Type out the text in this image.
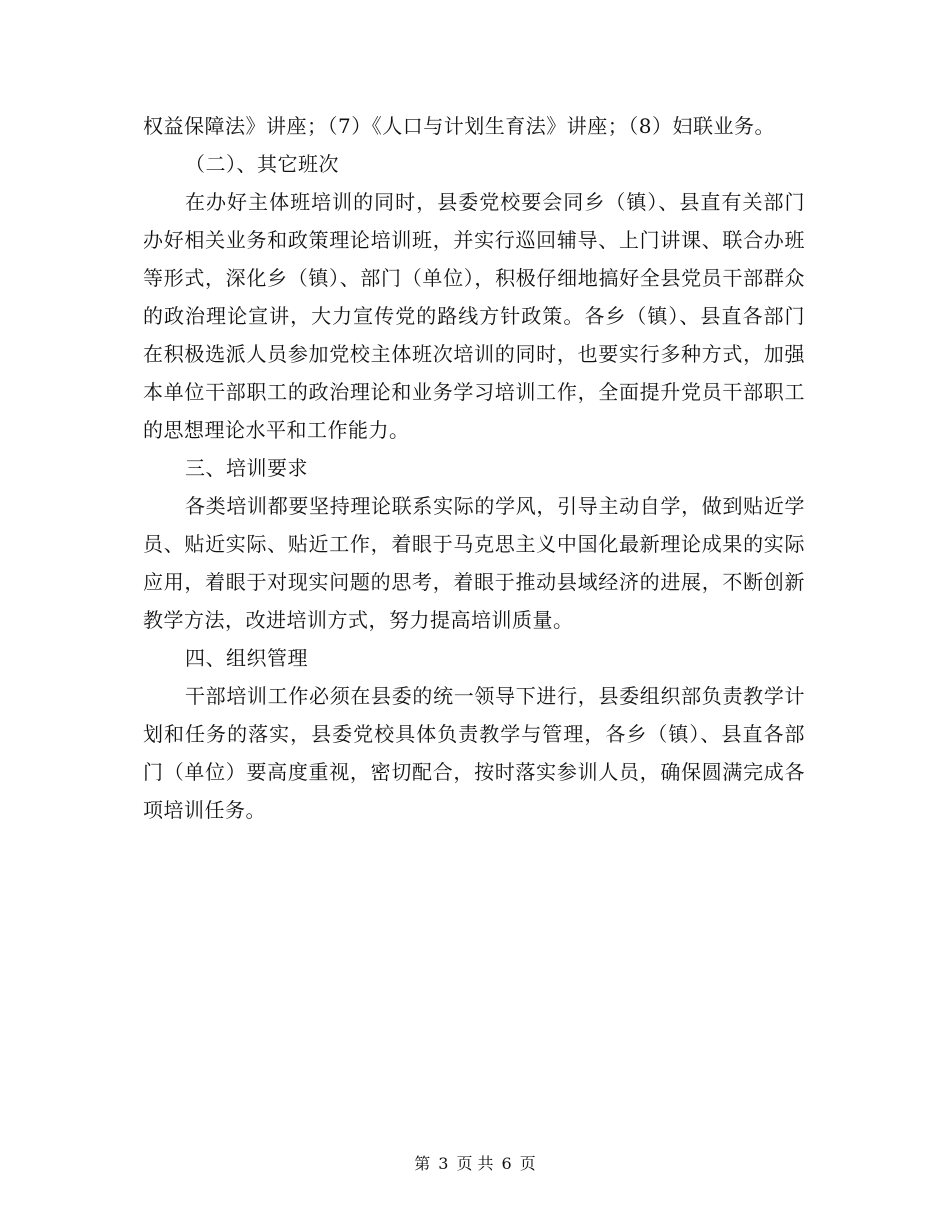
权益保障法》讲座；（7）《人口与计划生育法》讲座；（8）妇联业务。

（二）、其它班次

在办好主体班培训的同时，县委党校要会同乡（镇）、县直有关部门办好相关业务和政策理论培训班，并实行巡回辅导、上门讲课、联合办班等形式，深化乡（镇）、部门（单位），积极仔细地搞好全县党员干部群众的政治理论宣讲，大力宣传党的路线方针政策。各乡（镇）、县直各部门在积极选派人员参加党校主体班次培训的同时，也要实行多种方式，加强本单位干部职工的政治理论和业务学习培训工作，全面提升党员干部职工的思想理论水平和工作能力。

三、培训要求

各类培训都要坚持理论联系实际的学风，引导主动自学，做到贴近学员、贴近实际、贴近工作，着眼于马克思主义中国化最新理论成果的实际应用，着眼于对现实问题的思考，着眼于推动县域经济的进展，不断创新教学方法，改进培训方式，努力提高培训质量。

四、组织管理

干部培训工作必须在县委的统一领导下进行，县委组织部负责教学计划和任务的落实，县委党校具体负责教学与管理，各乡（镇）、县直各部门（单位）要高度重视，密切配合，按时落实参训人员，确保圆满完成各项培训任务。

第 3 页 共 6 页
